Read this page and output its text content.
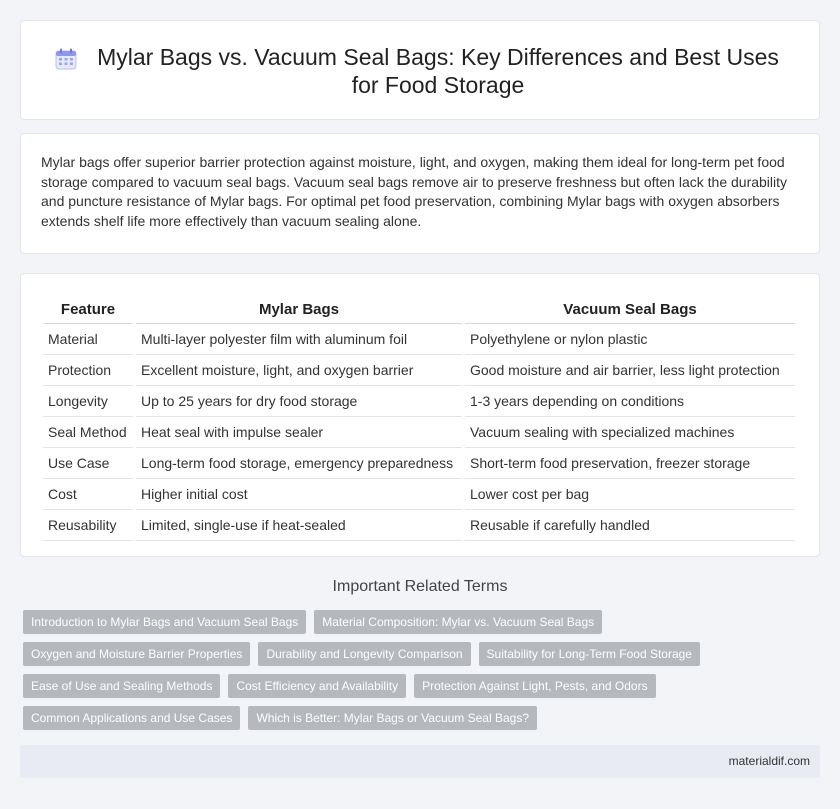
Mylar Bags vs. Vacuum Seal Bags: Key Differences and Best Uses for Food Storage

Mylar bags offer superior barrier protection against moisture, light, and oxygen, making them ideal for long-term pet food storage compared to vacuum seal bags. Vacuum seal bags remove air to preserve freshness but often lack the durability and puncture resistance of Mylar bags. For optimal pet food preservation, combining Mylar bags with oxygen absorbers extends shelf life more effectively than vacuum sealing alone.

Feature	Mylar Bags	Vacuum Seal Bags
Material	Multi-layer polyester film with aluminum foil	Polyethylene or nylon plastic
Protection	Excellent moisture, light, and oxygen barrier	Good moisture and air barrier, less light protection
Longevity	Up to 25 years for dry food storage	1-3 years depending on conditions
Seal Method	Heat seal with impulse sealer	Vacuum sealing with specialized machines
Use Case	Long-term food storage, emergency preparedness	Short-term food preservation, freezer storage
Cost	Higher initial cost	Lower cost per bag
Reusability	Limited, single-use if heat-sealed	Reusable if carefully handled
Important Related Terms
Introduction to Mylar Bags and Vacuum Seal Bags	Material Composition: Mylar vs. Vacuum Seal Bags
Oxygen and Moisture Barrier Properties	Durability and Longevity Comparison	Suitability for Long-Term Food Storage
Ease of Use and Sealing Methods	Cost Efficiency and Availability	Protection Against Light, Pests, and Odors
Common Applications and Use Cases	Which is Better: Mylar Bags or Vacuum Seal Bags?
materialdif.com
